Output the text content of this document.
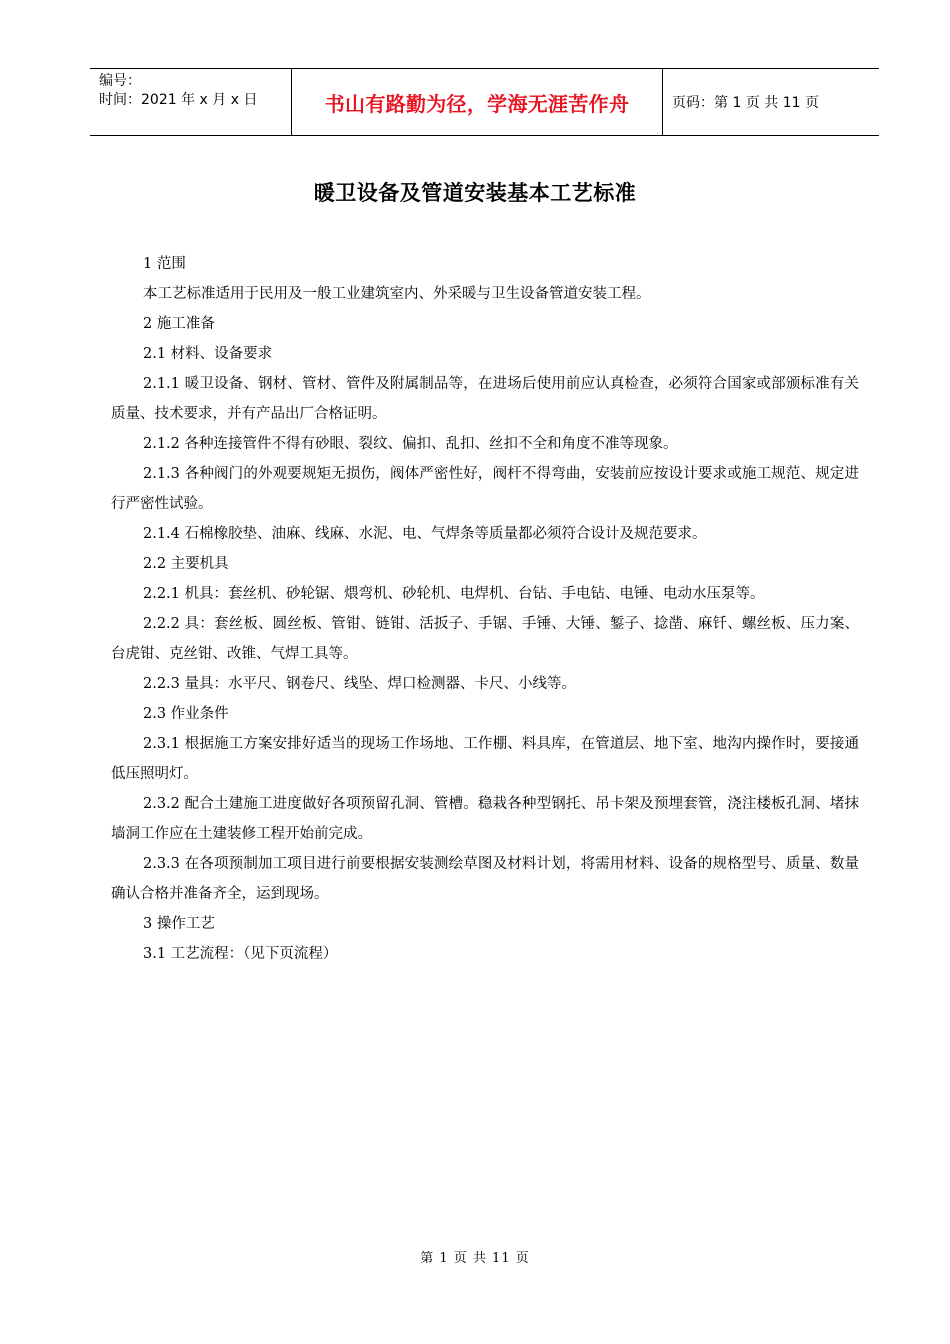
编号：
时间：2021 年 x 月 x 日	书山有路勤为径，学海无涯苦作舟	页码：第 1 页 共 11 页
暖卫设备及管道安装基本工艺标准
1 范围
本工艺标准适用于民用及一般工业建筑室内、外采暖与卫生设备管道安装工程。
2 施工准备
2.1 材料、设备要求
2.1.1 暖卫设备、钢材、管材、管件及附属制品等，在进场后使用前应认真检查，必须符合国家或部颁标准有关质量、技术要求，并有产品出厂合格证明。
2.1.2 各种连接管件不得有砂眼、裂纹、偏扣、乱扣、丝扣不全和角度不准等现象。
2.1.3 各种阀门的外观要规矩无损伤，阀体严密性好，阀杆不得弯曲，安装前应按设计要求或施工规范、规定进行严密性试验。
2.1.4 石棉橡胶垫、油麻、线麻、水泥、电、气焊条等质量都必须符合设计及规范要求。
2.2 主要机具
2.2.1 机具：套丝机、砂轮锯、煨弯机、砂轮机、电焊机、台钻、手电钻、电锤、电动水压泵等。
2.2.2 具：套丝板、圆丝板、管钳、链钳、活扳子、手锯、手锤、大锤、錾子、捻凿、麻钎、螺丝板、压力案、台虎钳、克丝钳、改锥、气焊工具等。
2.2.3 量具：水平尺、钢卷尺、线坠、焊口检测器、卡尺、小线等。
2.3 作业条件
2.3.1 根据施工方案安排好适当的现场工作场地、工作棚、料具库，在管道层、地下室、地沟内操作时，要接通低压照明灯。
2.3.2 配合土建施工进度做好各项预留孔洞、管槽。稳栽各种型钢托、吊卡架及预埋套管，浇注楼板孔洞、堵抹墙洞工作应在土建装修工程开始前完成。
2.3.3 在各项预制加工项目进行前要根据安装测绘草图及材料计划，将需用材料、设备的规格型号、质量、数量确认合格并准备齐全，运到现场。
3 操作工艺
3.1 工艺流程：（见下页流程）
第 1 页 共 11 页
